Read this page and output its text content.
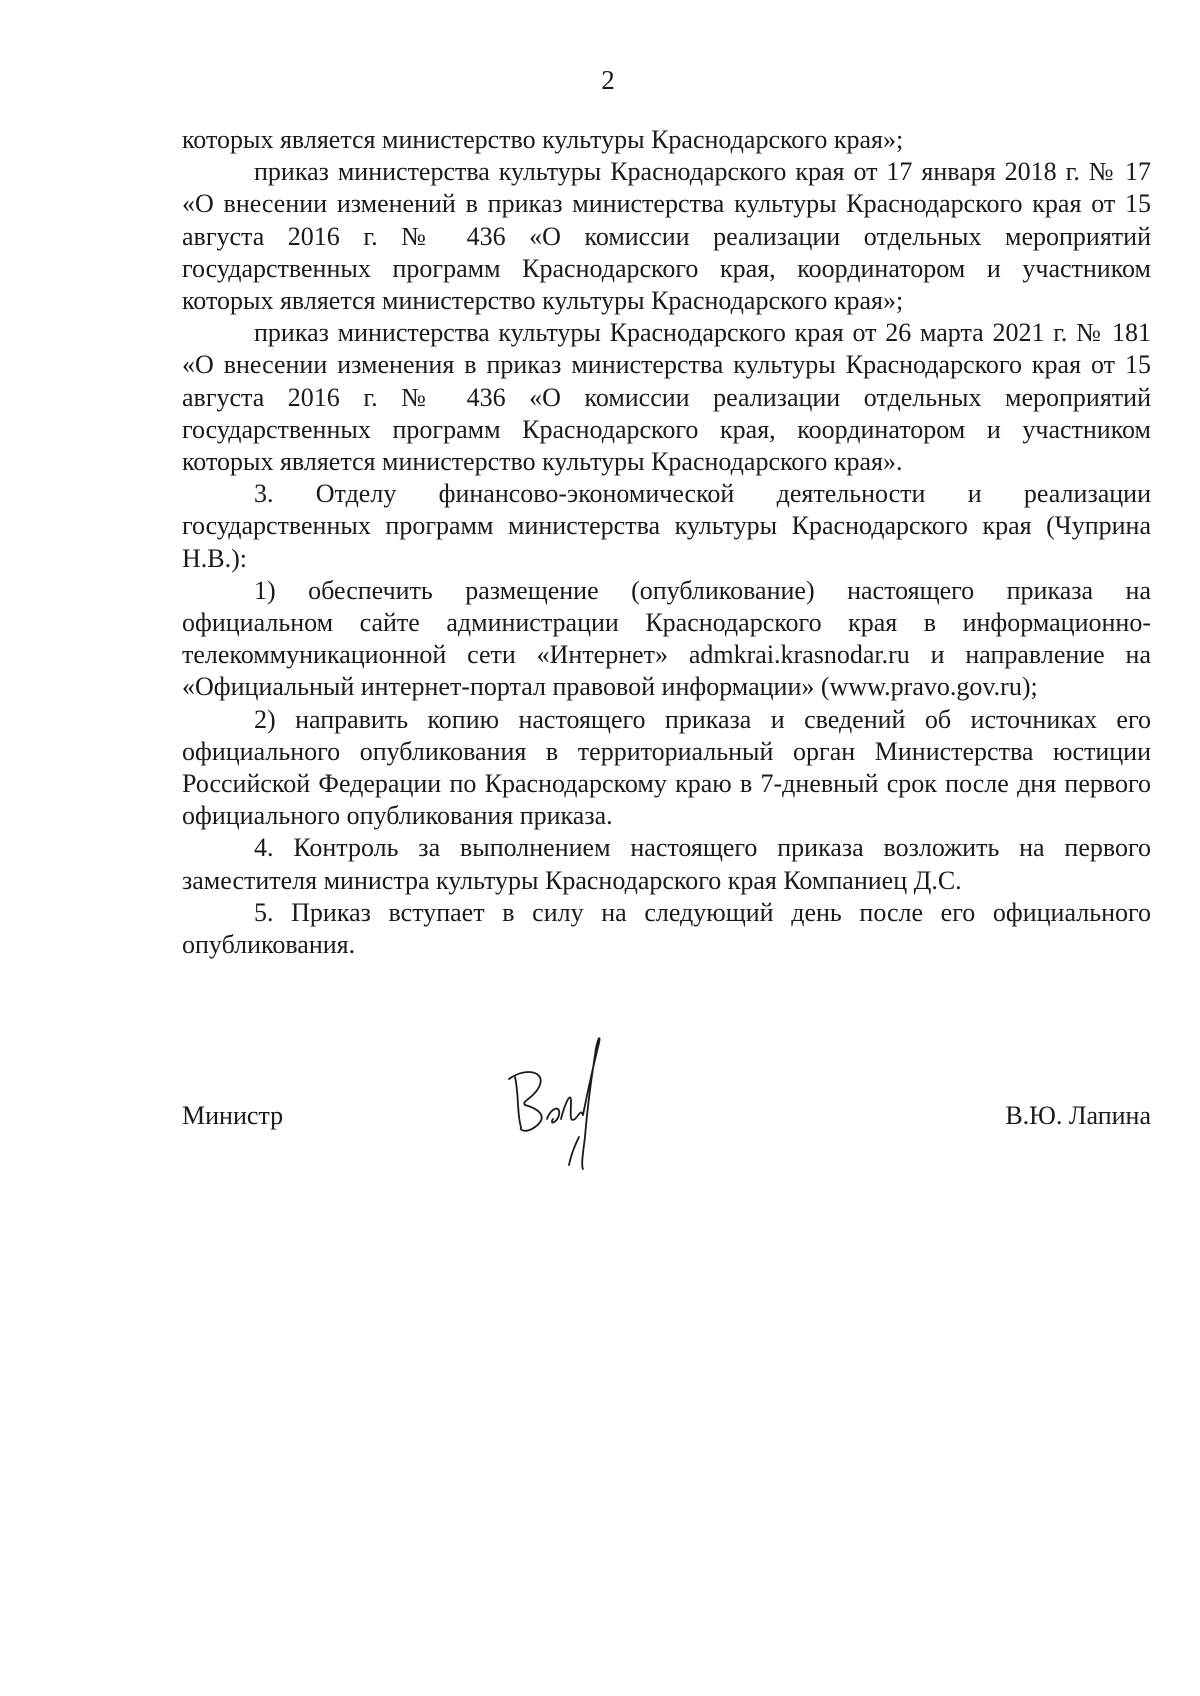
2

которых является министерство культуры Краснодарского края»;

приказ министерства культуры Краснодарского края от 17 января 2018 г. № 17 «О внесении изменений в приказ министерства культуры Краснодарского края от 15 августа 2016 г. № 436 «О комиссии реализации отдельных мероприятий государственных программ Краснодарского края, координатором и участником которых является министерство культуры Краснодарского края»;

приказ министерства культуры Краснодарского края от 26 марта 2021 г. № 181 «О внесении изменения в приказ министерства культуры Краснодарского края от 15 августа 2016 г. № 436 «О комиссии реализации отдельных мероприятий государственных программ Краснодарского края, координатором и участником которых является министерство культуры Краснодарского края».

3. Отделу финансово-экономической деятельности и реализации государственных программ министерства культуры Краснодарского края (Чуприна Н.В.):

1) обеспечить размещение (опубликование) настоящего приказа на официальном сайте администрации Краснодарского края в информационно-телекоммуникационной сети «Интернет» admkrai.krasnodar.ru и направление на «Официальный интернет-портал правовой информации» (www.pravo.gov.ru);

2) направить копию настоящего приказа и сведений об источниках его официального опубликования в территориальный орган Министерства юстиции Российской Федерации по Краснодарскому краю в 7-дневный срок после дня первого официального опубликования приказа.

4. Контроль за выполнением настоящего приказа возложить на первого заместителя министра культуры Краснодарского края Компаниец Д.С.

5. Приказ вступает в силу на следующий день после его официального опубликования.

Министр	В.Ю. Лапина
